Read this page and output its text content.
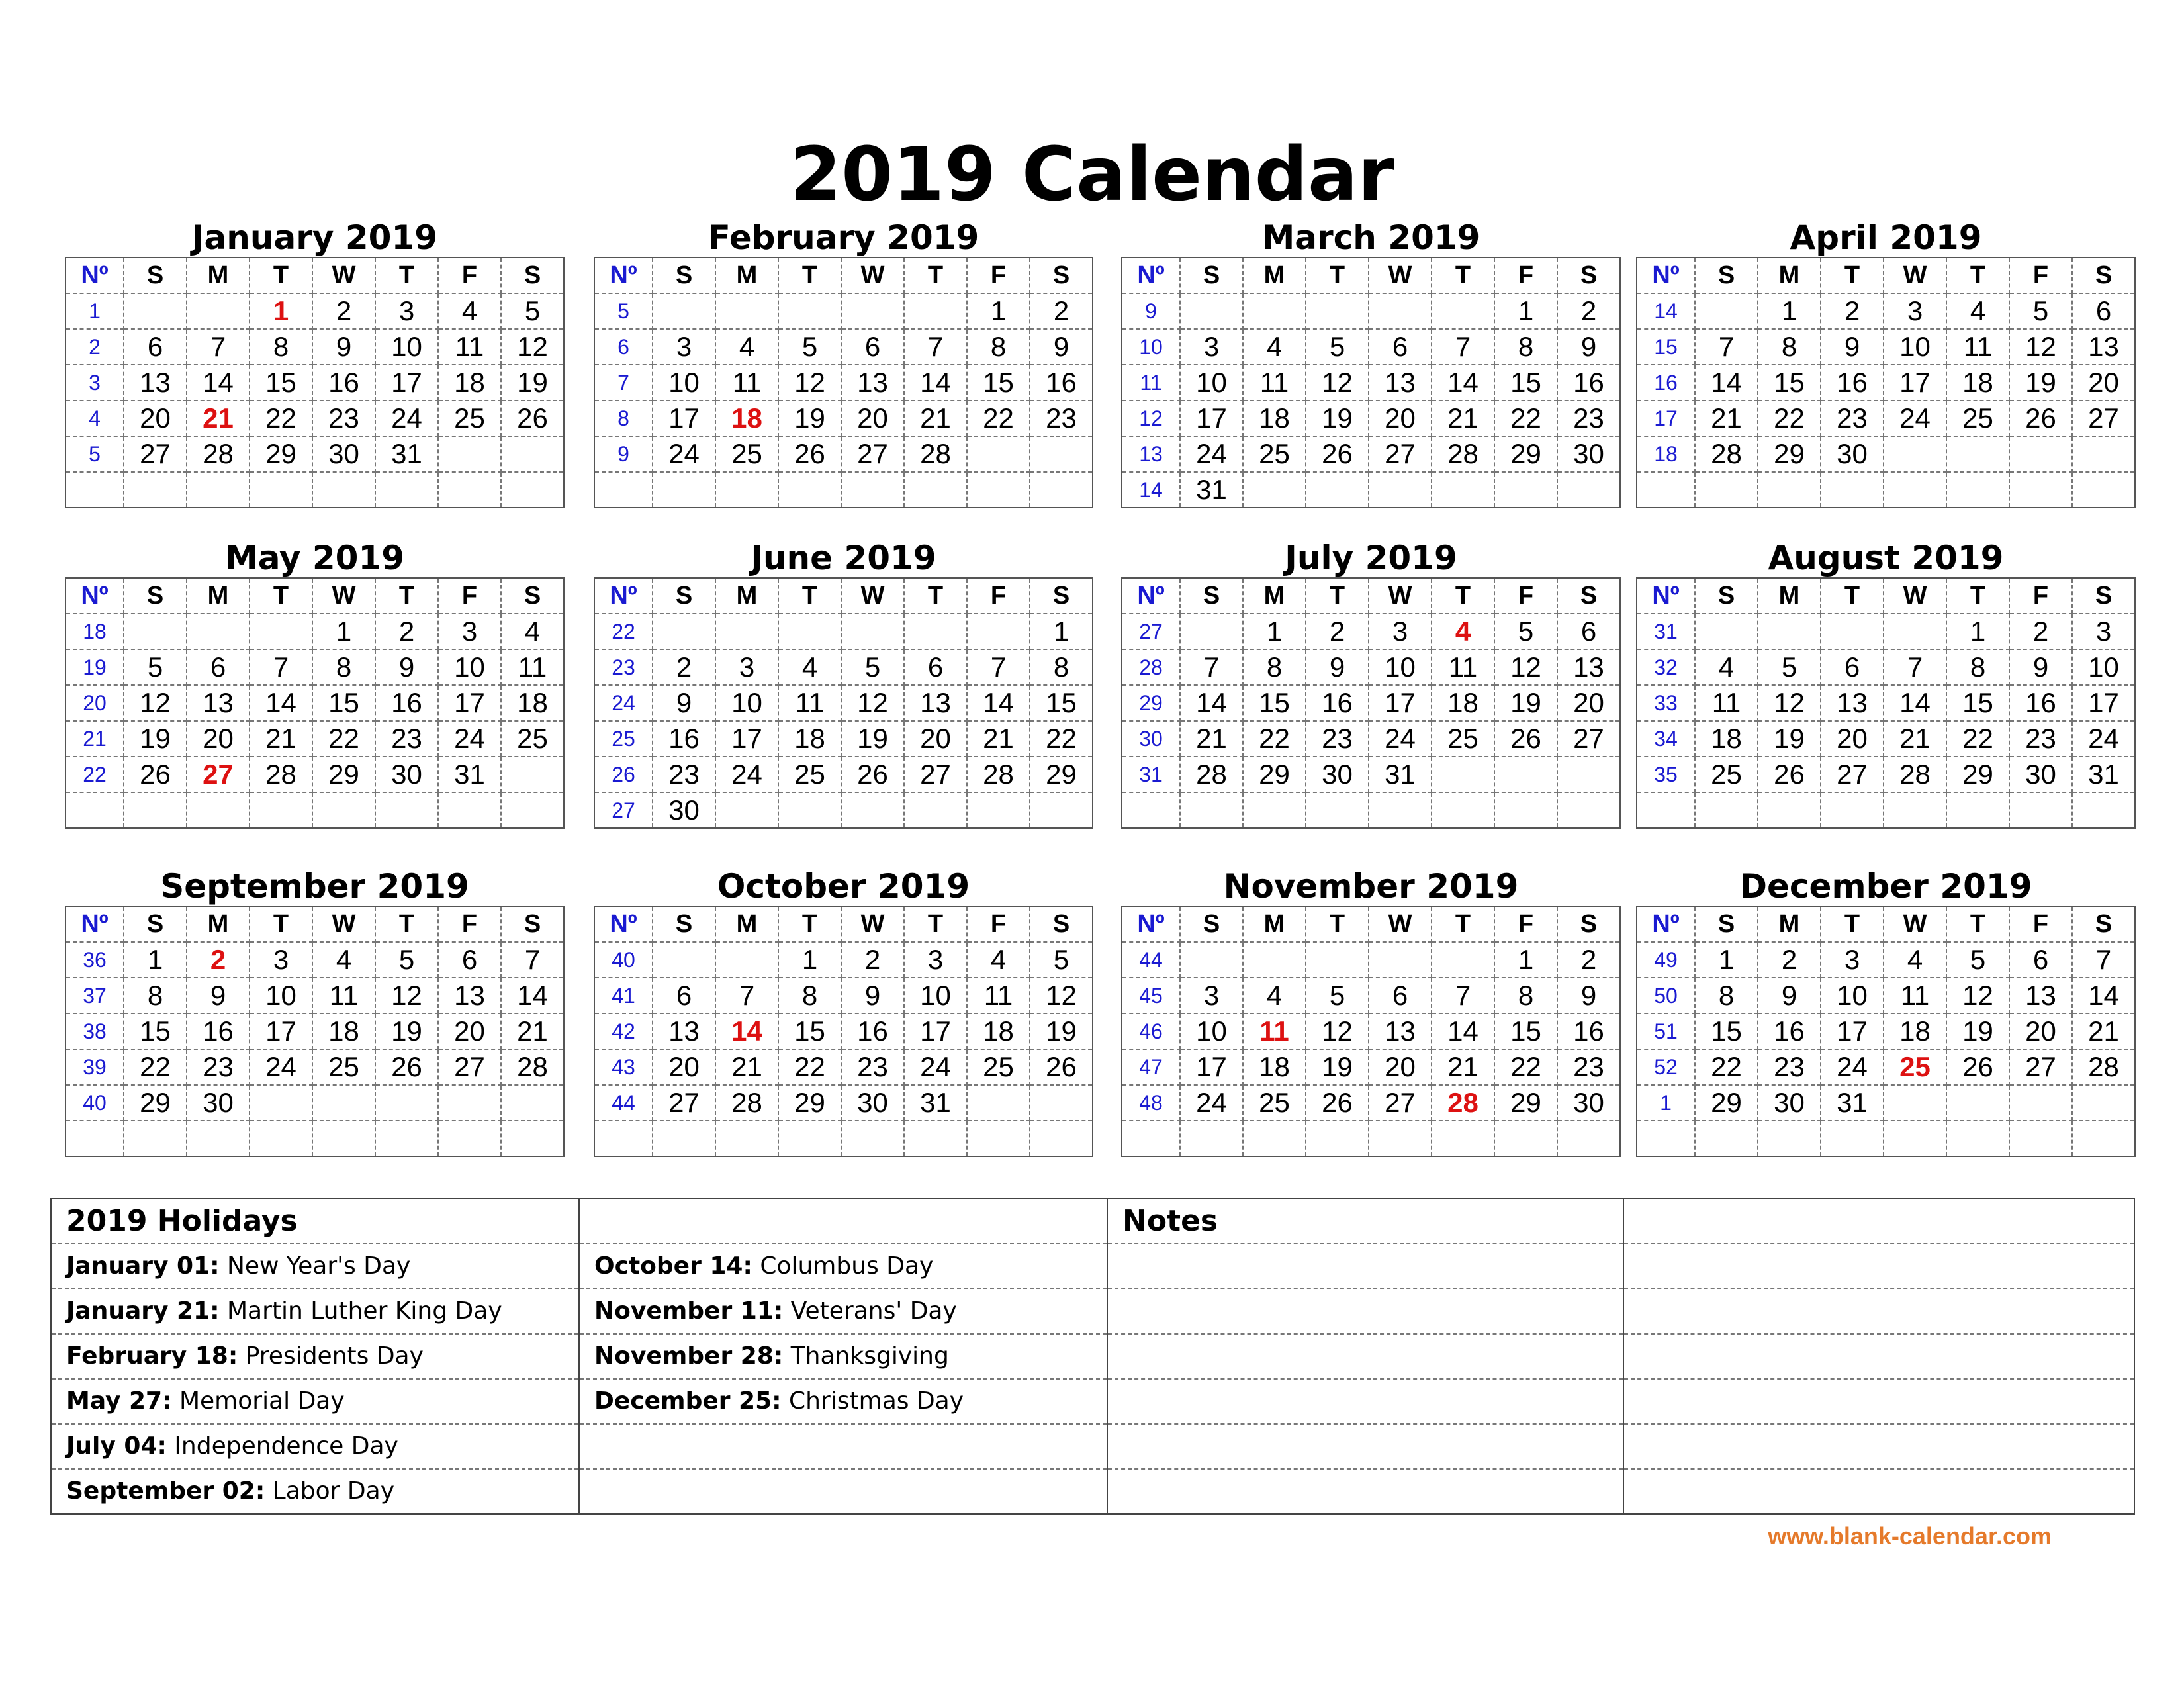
2019 Calendar
January 2019
Nº	S	M	T	W	T	F	S
1			1	2	3	4	5
2	6	7	8	9	10	11	12
3	13	14	15	16	17	18	19
4	20	21	22	23	24	25	26
5	27	28	29	30	31		

February 2019
Nº	S	M	T	W	T	F	S
5						1	2
6	3	4	5	6	7	8	9
7	10	11	12	13	14	15	16
8	17	18	19	20	21	22	23
9	24	25	26	27	28		

March 2019
Nº	S	M	T	W	T	F	S
9						1	2
10	3	4	5	6	7	8	9
11	10	11	12	13	14	15	16
12	17	18	19	20	21	22	23
13	24	25	26	27	28	29	30
14	31						
April 2019
Nº	S	M	T	W	T	F	S
14		1	2	3	4	5	6
15	7	8	9	10	11	12	13
16	14	15	16	17	18	19	20
17	21	22	23	24	25	26	27
18	28	29	30				

May 2019
Nº	S	M	T	W	T	F	S
18				1	2	3	4
19	5	6	7	8	9	10	11
20	12	13	14	15	16	17	18
21	19	20	21	22	23	24	25
22	26	27	28	29	30	31	

June 2019
Nº	S	M	T	W	T	F	S
22							1
23	2	3	4	5	6	7	8
24	9	10	11	12	13	14	15
25	16	17	18	19	20	21	22
26	23	24	25	26	27	28	29
27	30						
July 2019
Nº	S	M	T	W	T	F	S
27		1	2	3	4	5	6
28	7	8	9	10	11	12	13
29	14	15	16	17	18	19	20
30	21	22	23	24	25	26	27
31	28	29	30	31			

August 2019
Nº	S	M	T	W	T	F	S
31					1	2	3
32	4	5	6	7	8	9	10
33	11	12	13	14	15	16	17
34	18	19	20	21	22	23	24
35	25	26	27	28	29	30	31

September 2019
Nº	S	M	T	W	T	F	S
36	1	2	3	4	5	6	7
37	8	9	10	11	12	13	14
38	15	16	17	18	19	20	21
39	22	23	24	25	26	27	28
40	29	30					

October 2019
Nº	S	M	T	W	T	F	S
40			1	2	3	4	5
41	6	7	8	9	10	11	12
42	13	14	15	16	17	18	19
43	20	21	22	23	24	25	26
44	27	28	29	30	31		

November 2019
Nº	S	M	T	W	T	F	S
44						1	2
45	3	4	5	6	7	8	9
46	10	11	12	13	14	15	16
47	17	18	19	20	21	22	23
48	24	25	26	27	28	29	30

December 2019
Nº	S	M	T	W	T	F	S
49	1	2	3	4	5	6	7
50	8	9	10	11	12	13	14
51	15	16	17	18	19	20	21
52	22	23	24	25	26	27	28
1	29	30	31				

2019 Holidays		Notes	
January 01: New Year's Day	October 14: Columbus Day		
January 21: Martin Luther King Day	November 11: Veterans' Day		
February 18: Presidents Day	November 28: Thanksgiving		
May 27: Memorial Day	December 25: Christmas Day		
July 04: Independence Day			
September 02: Labor Day			
www.blank-calendar.com
